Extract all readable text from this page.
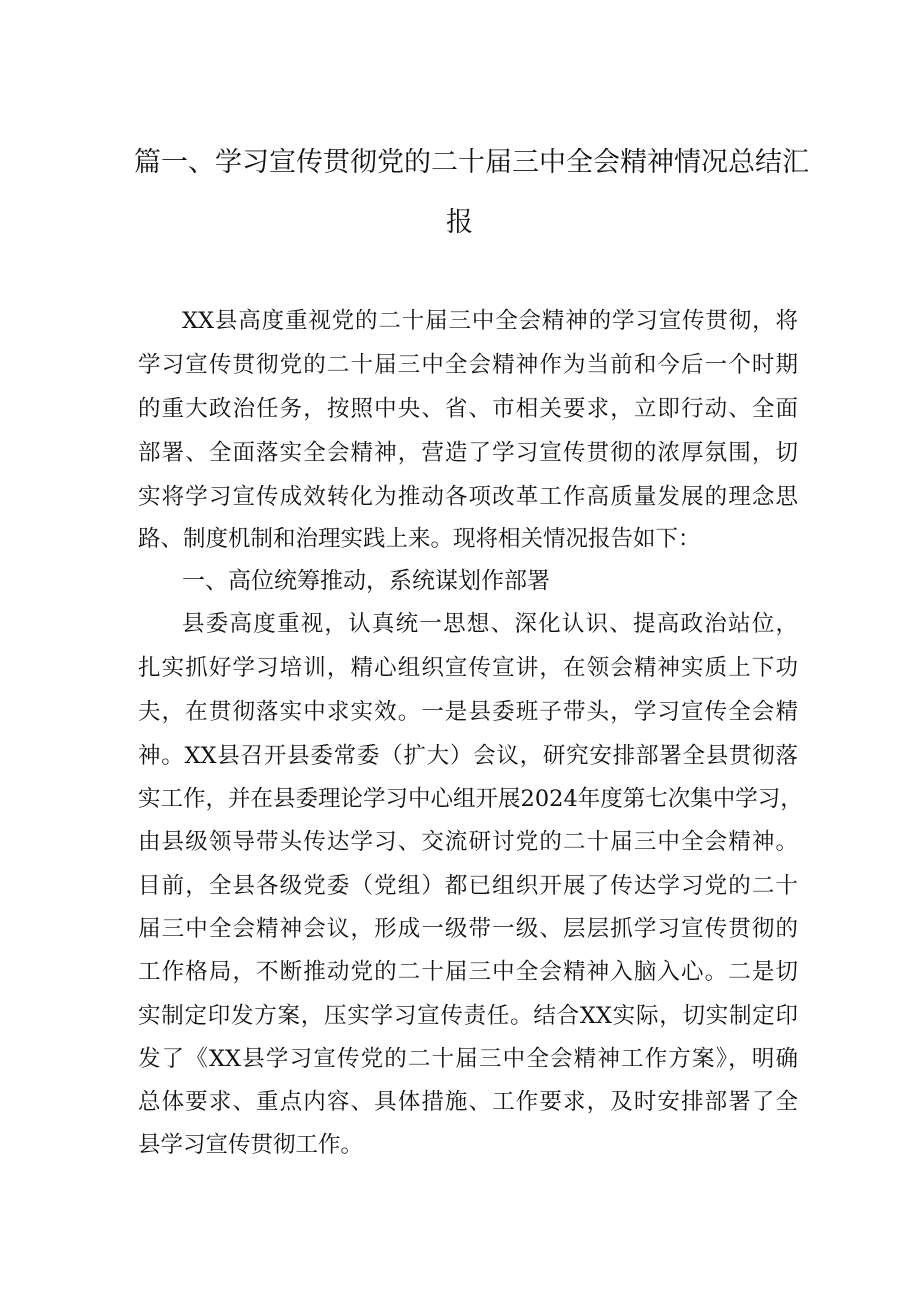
篇一、学习宣传贯彻党的二十届三中全会精神情况总结汇
报
XX县高度重视党的二十届三中全会精神的学习宣传贯彻，将
学习宣传贯彻党的二十届三中全会精神作为当前和今后一个时期
的重大政治任务，按照中央、省、市相关要求，立即行动、全面
部署、全面落实全会精神，营造了学习宣传贯彻的浓厚氛围，切
实将学习宣传成效转化为推动各项改革工作高质量发展的理念思
路、制度机制和治理实践上来。现将相关情况报告如下：
一、高位统筹推动，系统谋划作部署
县委高度重视，认真统一思想、深化认识、提高政治站位，
扎实抓好学习培训，精心组织宣传宣讲，在领会精神实质上下功
夫，在贯彻落实中求实效。一是县委班子带头，学习宣传全会精
神。XX县召开县委常委（扩大）会议，研究安排部署全县贯彻落
实工作，并在县委理论学习中心组开展2024年度第七次集中学习，
由县级领导带头传达学习、交流研讨党的二十届三中全会精神。
目前，全县各级党委（党组）都已组织开展了传达学习党的二十
届三中全会精神会议，形成一级带一级、层层抓学习宣传贯彻的
工作格局，不断推动党的二十届三中全会精神入脑入心。二是切
实制定印发方案，压实学习宣传责任。结合XX实际，切实制定印
发了《XX县学习宣传党的二十届三中全会精神工作方案》，明确
总体要求、重点内容、具体措施、工作要求，及时安排部署了全
县学习宣传贯彻工作。
